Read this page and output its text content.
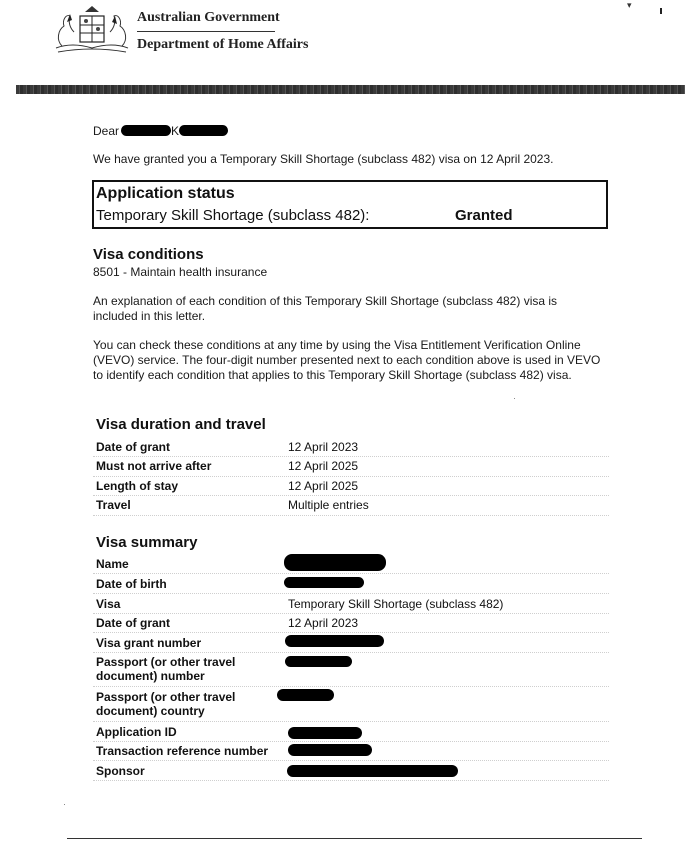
Australian Government
Department of Home Affairs
▾
Dear	K
We have granted you a Temporary Skill Shortage (subclass 482) visa on 12 April 2023.
Application status
Temporary Skill Shortage (subclass 482):	Granted
Visa conditions
8501 - Maintain health insurance
An explanation of each condition of this Temporary Skill Shortage (subclass 482) visa is included in this letter.
You can check these conditions at any time by using the Visa Entitlement Verification Online (VEVO) service. The four-digit number presented next to each condition above is used in VEVO to identify each condition that applies to this Temporary Skill Shortage (subclass 482) visa.
Visa duration and travel
Date of grant	12 April 2023
Must not arrive after	12 April 2025
Length of stay	12 April 2025
Travel	Multiple entries
Visa summary
Name
Date of birth
Visa	Temporary Skill Shortage (subclass 482)
Date of grant	12 April 2023
Visa grant number
Passport (or other travel document) number
Passport (or other travel document) country
Application ID
Transaction reference number
Sponsor
